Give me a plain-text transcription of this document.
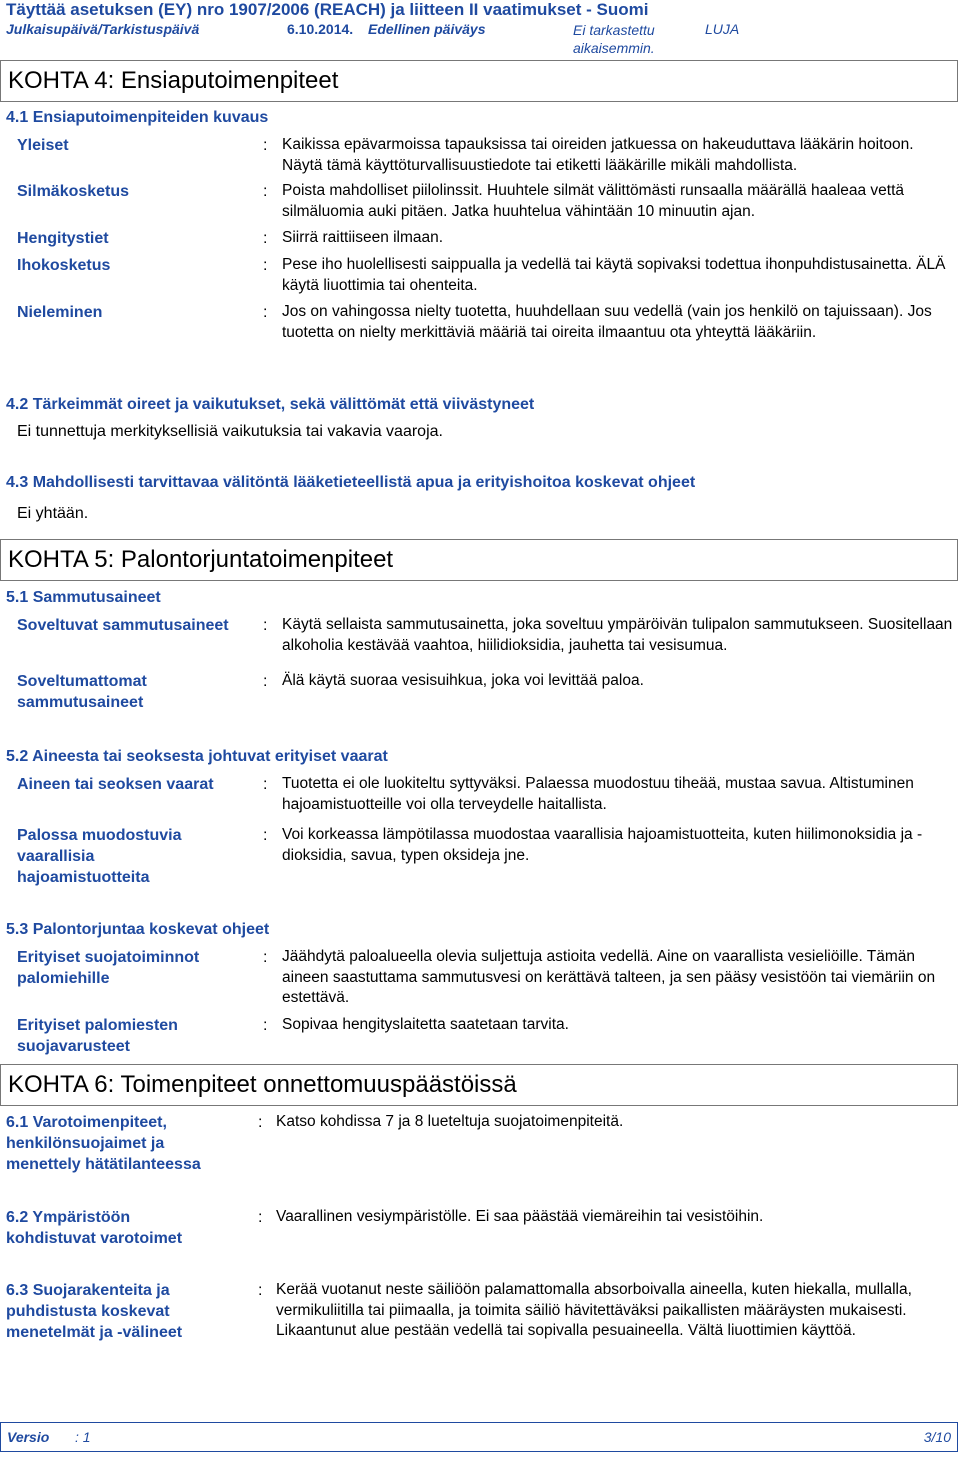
Täyttää asetuksen (EY) nro 1907/2006 (REACH) ja liitteen II vaatimukset - Suomi
Julkaisupäivä/Tarkistuspäivä	6.10.2014. Edellinen päiväys	Ei tarkastettu aikaisemmin.
LUJA
KOHTA 4: Ensiaputoimenpiteet
4.1 Ensiaputoimenpiteiden kuvaus
Yleiset	: Kaikissa epävarmoissa tapauksissa tai oireiden jatkuessa on hakeuduttava lääkärin hoitoon. Näytä tämä käyttöturvallisuustiedote tai etiketti lääkärille mikäli mahdollista.
Silmäkosketus	: Poista mahdolliset piilolinssit. Huuhtele silmät välittömästi runsaalla määrällä haaleaa vettä silmäluomia auki pitäen. Jatka huuhtelua vähintään 10 minuutin ajan.
Hengitystiet	: Siirrä raittiiseen ilmaan.
Ihokosketus	: Pese iho huolellisesti saippualla ja vedellä tai käytä sopivaksi todettua ihonpuhdistusainetta. ÄLÄ käytä liuottimia tai ohenteita.
Nieleminen	: Jos on vahingossa nielty tuotetta, huuhdellaan suu vedellä (vain jos henkilö on tajuissaan). Jos tuotetta on nielty merkittäviä määriä tai oireita ilmaantuu ota yhteyttä lääkäriin.
4.2 Tärkeimmät oireet ja vaikutukset, sekä välittömät että viivästyneet
Ei tunnettuja merkityksellisiä vaikutuksia tai vakavia vaaroja.
4.3 Mahdollisesti tarvittavaa välitöntä lääketieteellistä apua ja erityishoitoa koskevat ohjeet
Ei yhtään.
KOHTA 5: Palontorjuntatoimenpiteet
5.1 Sammutusaineet
Soveltuvat sammutusaineet	: Käytä sellaista sammutusainetta, joka soveltuu ympäröivän tulipalon sammutukseen. Suositellaan alkoholia kestävää vaahtoa, hiilidioksidia, jauhetta tai vesisumua.
Soveltumattomat sammutusaineet
: Älä käytä suoraa vesisuihkua, joka voi levittää paloa.
5.2 Aineesta tai seoksesta johtuvat erityiset vaarat
Aineen tai seoksen vaarat	: Tuotetta ei ole luokiteltu syttyväksi. Palaessa muodostuu tiheää, mustaa savua. Altistuminen hajoamistuotteille voi olla terveydelle haitallista.
Palossa muodostuvia vaarallisia hajoamistuotteita
: Voi korkeassa lämpötilassa muodostaa vaarallisia hajoamistuotteita, kuten hiilimonoksidia ja -dioksidia, savua, typen oksideja jne.
5.3 Palontorjuntaa koskevat ohjeet
Erityiset suojatoiminnot palomiehille
: Jäähdytä paloalueella olevia suljettuja astioita vedellä. Aine on vaarallista vesieliöille. Tämän aineen saastuttama sammutusvesi on kerättävä talteen, ja sen pääsy vesistöön tai viemäriin on estettävä.
Erityiset palomiesten suojavarusteet
: Sopivaa hengityslaitetta saatetaan tarvita.
KOHTA 6: Toimenpiteet onnettomuuspäästöissä
6.1 Varotoimenpiteet, henkilönsuojaimet ja menettely hätätilanteessa
: Katso kohdissa 7 ja 8 lueteltuja suojatoimenpiteitä.
6.2 Ympäristöön kohdistuvat varotoimet
: Vaarallinen vesiympäristölle. Ei saa päästää viemäreihin tai vesistöihin.
6.3 Suojarakenteita ja puhdistusta koskevat menetelmät ja -välineet
: Kerää vuotanut neste säiliöön palamattomalla absorboivalla aineella, kuten hiekalla, mullalla, vermikuliitilla tai piimaalla, ja toimita säiliö hävitettäväksi paikallisten määräysten mukaisesti. Likaantunut alue pestään vedellä tai sopivalla pesuaineella. Vältä liuottimien käyttöä.
Versio : 1	3/10
